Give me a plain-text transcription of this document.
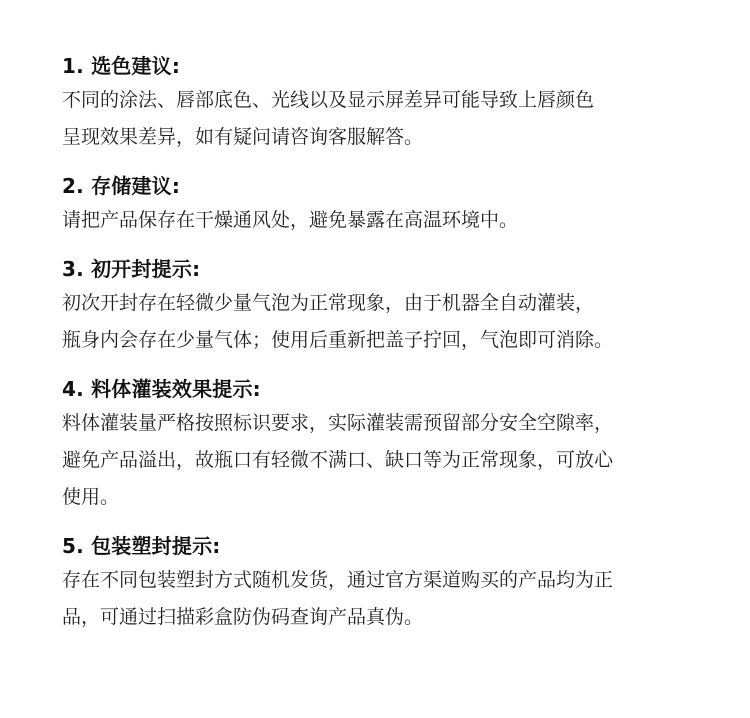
1. 选色建议:
不同的涂法、唇部底色、光线以及显示屏差异可能导致上唇颜色
呈现效果差异，如有疑问请咨询客服解答。
2. 存储建议:
请把产品保存在干燥通风处，避免暴露在高温环境中。
3. 初开封提示:
初次开封存在轻微少量气泡为正常现象，由于机器全自动灌装，
瓶身内会存在少量气体；使用后重新把盖子拧回，气泡即可消除。
4. 料体灌装效果提示:
料体灌装量严格按照标识要求，实际灌装需预留部分安全空隙率，
避免产品溢出，故瓶口有轻微不满口、缺口等为正常现象，可放心
使用。
5. 包装塑封提示:
存在不同包装塑封方式随机发货，通过官方渠道购买的产品均为正
品，可通过扫描彩盒防伪码查询产品真伪。
